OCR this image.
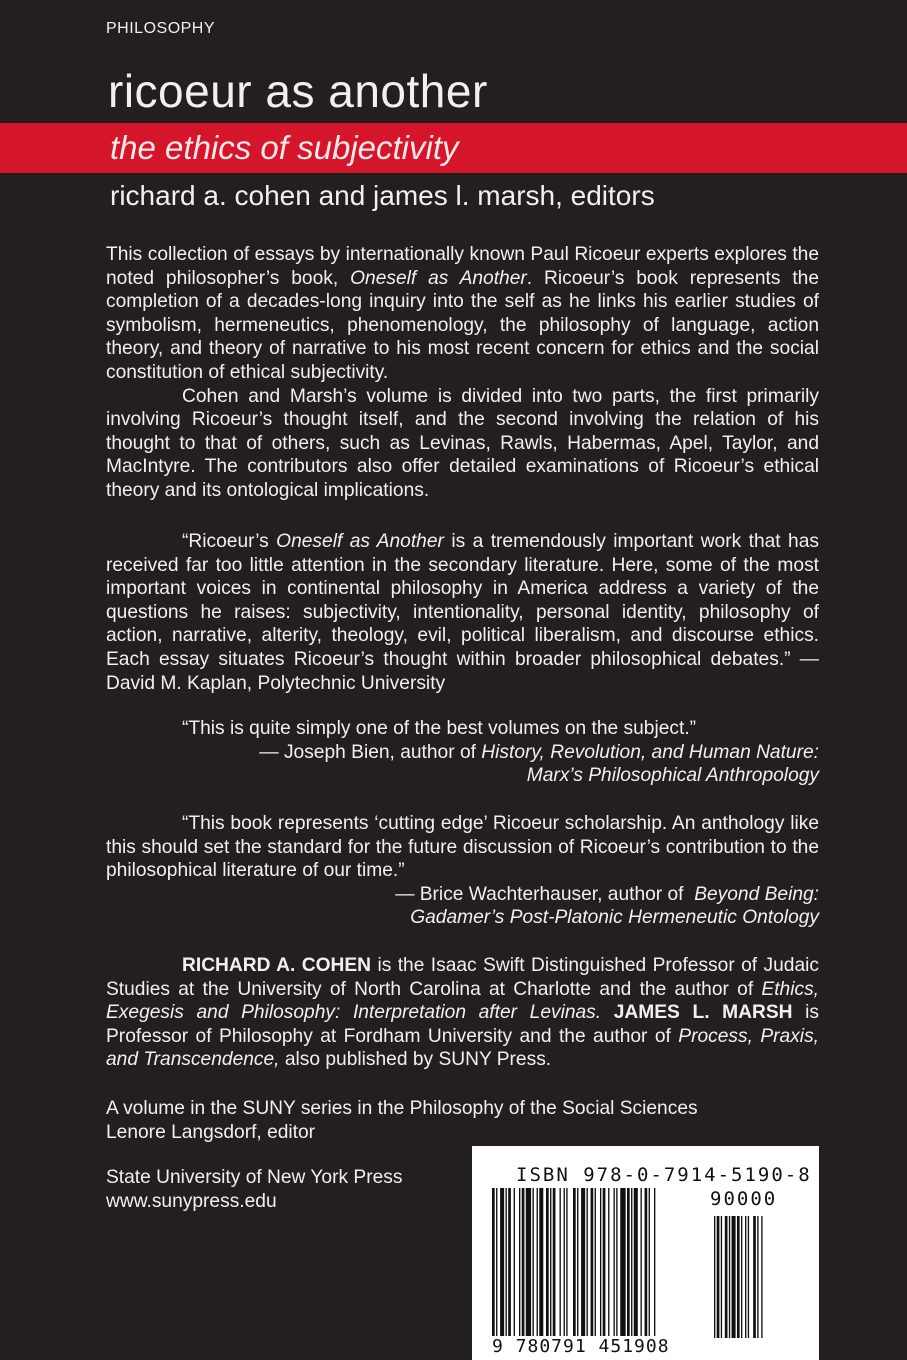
PHILOSOPHY
ricoeur as another
the ethics of subjectivity
richard a. cohen and james l. marsh, editors

This collection of essays by internationally known Paul Ricoeur experts explores the noted philosopher’s book, Oneself as Another. Ricoeur’s book represents the completion of a decades-long inquiry into the self as he links his earlier studies of symbolism, hermeneutics, phenomenology, the philosophy of language, action theory, and theory of narrative to his most recent concern for ethics and the social constitution of ethical subjectivity.

Cohen and Marsh’s volume is divided into two parts, the first primarily involving Ricoeur’s thought itself, and the second involving the relation of his thought to that of others, such as Levinas, Rawls, Habermas, Apel, Taylor, and MacIntyre. The contributors also offer detailed examinations of Ricoeur’s ethical theory and its ontological implications.

“Ricoeur’s Oneself as Another is a tremendously important work that has received far too little attention in the secondary literature. Here, some of the most important voices in continental philosophy in America address a variety of the questions he raises: subjectivity, intentionality, personal identity, philosophy of action, narrative, alterity, theology, evil, political liberalism, and discourse ethics. Each essay situates Ricoeur’s thought within broader philosophical debates.” — David M. Kaplan, Polytechnic University

“This is quite simply one of the best volumes on the subject.”

— Joseph Bien, author of History, Revolution, and Human Nature:

Marx’s Philosophical Anthropology

“This book represents ‘cutting edge’ Ricoeur scholarship. An anthology like this should set the standard for the future discussion of Ricoeur’s contribution to the philosophical literature of our time.”

— Brice Wachterhauser, author of  Beyond Being:

Gadamer’s Post-Platonic Hermeneutic Ontology

RICHARD A. COHEN is the Isaac Swift Distinguished Professor of Judaic Studies at the University of North Carolina at Charlotte and the author of Ethics, Exegesis and Philosophy: Interpretation after Levinas. JAMES L. MARSH is Professor of Philosophy at Fordham University and the author of Process, Praxis, and Transcendence, also published by SUNY Press.

A volume in the SUNY series in the Philosophy of the Social Sciences
Lenore Langsdorf, editor
State University of New York Press
www.sunypress.edu
ISBN 978-0-7914-5190-8
90000
9 780791 451908
